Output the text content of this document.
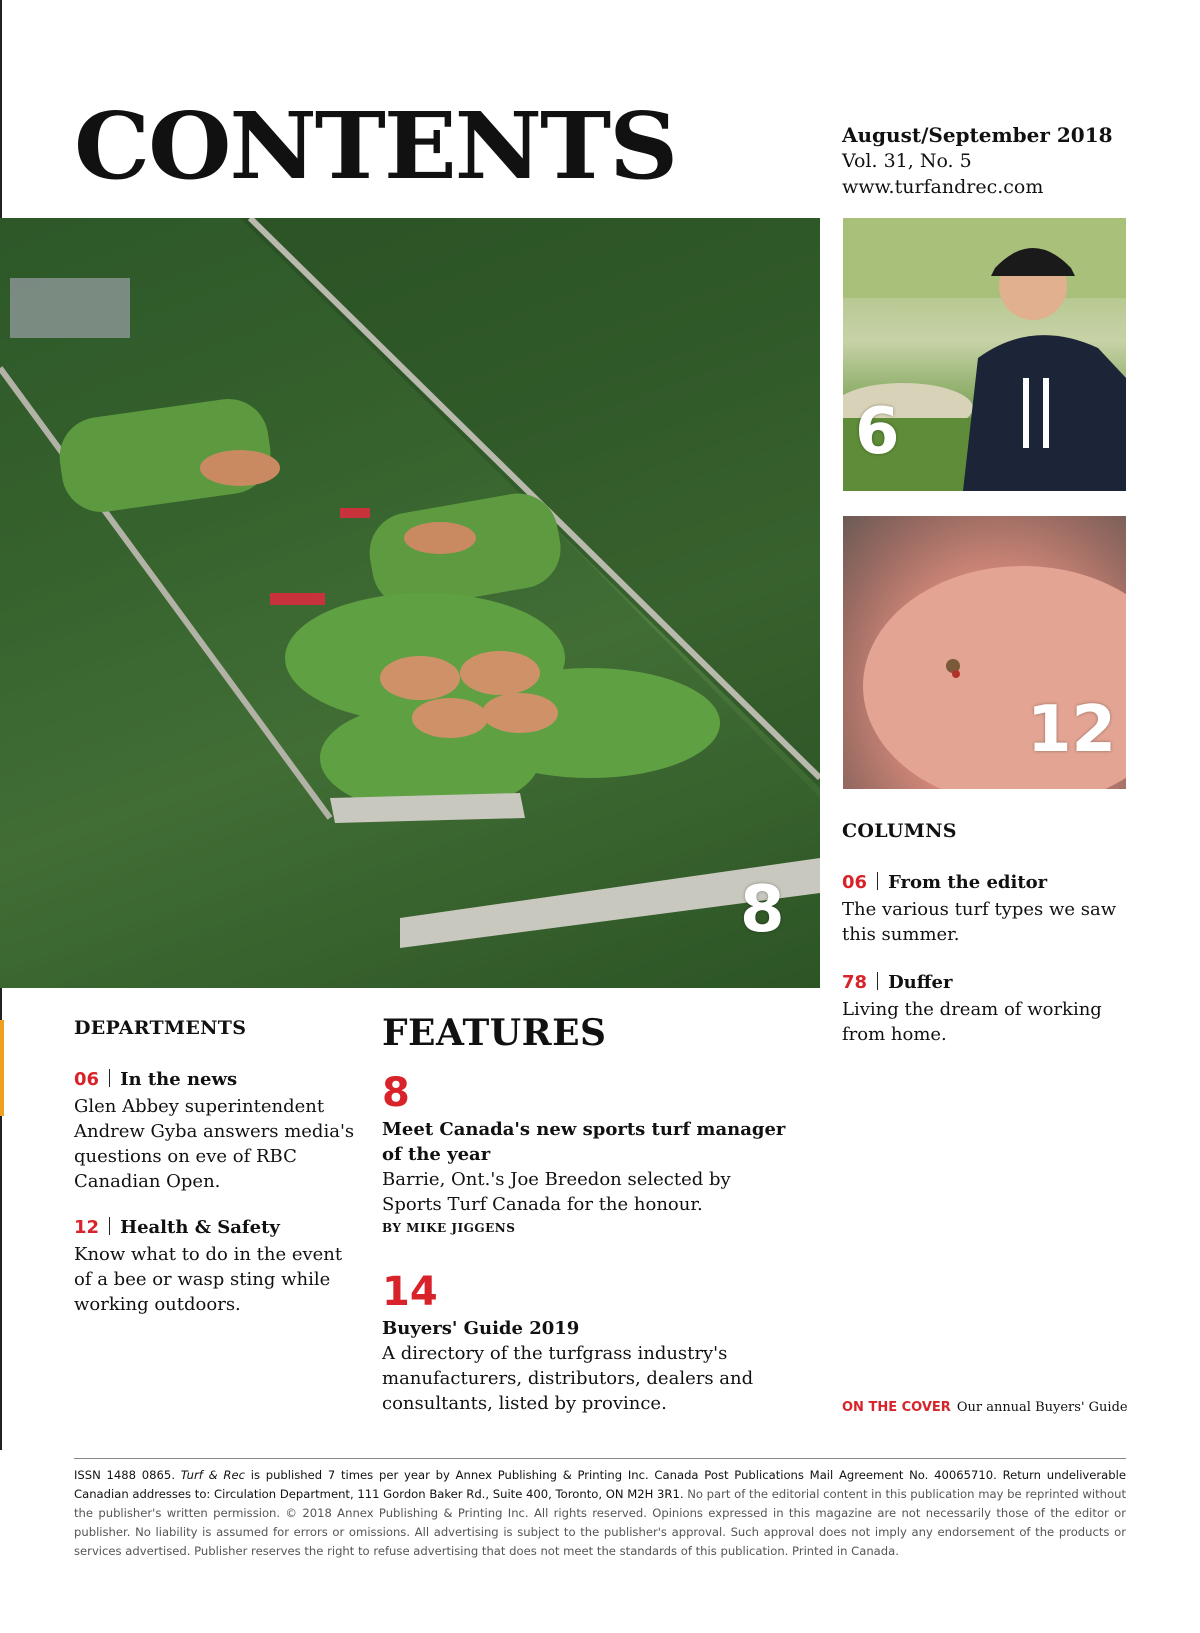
CONTENTS	August/September 2018
Vol. 31, No. 5
www.turfandrec.com
8
6
12
COLUMNS
06 From the editor
The various turf types we saw this summer.
78 Duffer
Living the dream of working from home.
DEPARTMENTS
06 In the news
Glen Abbey superintendent Andrew Gyba answers media's questions on eve of RBC Canadian Open.
12 Health & Safety
Know what to do in the event of a bee or wasp sting while working outdoors.
FEATURES
8
Meet Canada's new sports turf manager of the year
Barrie, Ont.'s Joe Breedon selected by Sports Turf Canada for the honour.
BY MIKE JIGGENS
14
Buyers' Guide 2019
A directory of the turfgrass industry's manufacturers, distributors, dealers and consultants, listed by province.	ON THE COVER Our annual Buyers' Guide
ISSN 1488 0865. Turf & Rec is published 7 times per year by Annex Publishing & Printing Inc. Canada Post Publications Mail Agreement No. 40065710. Return undeliverable Canadian addresses to: Circulation Department, 111 Gordon Baker Rd., Suite 400, Toronto, ON M2H 3R1. No part of the editorial content in this publication may be reprinted without the publisher's written permission. © 2018 Annex Publishing & Printing Inc. All rights reserved. Opinions expressed in this magazine are not necessarily those of the editor or publisher. No liability is assumed for errors or omissions. All advertising is subject to the publisher's approval. Such approval does not imply any endorsement of the products or services advertised. Publisher reserves the right to refuse advertising that does not meet the standards of this publication. Printed in Canada.
